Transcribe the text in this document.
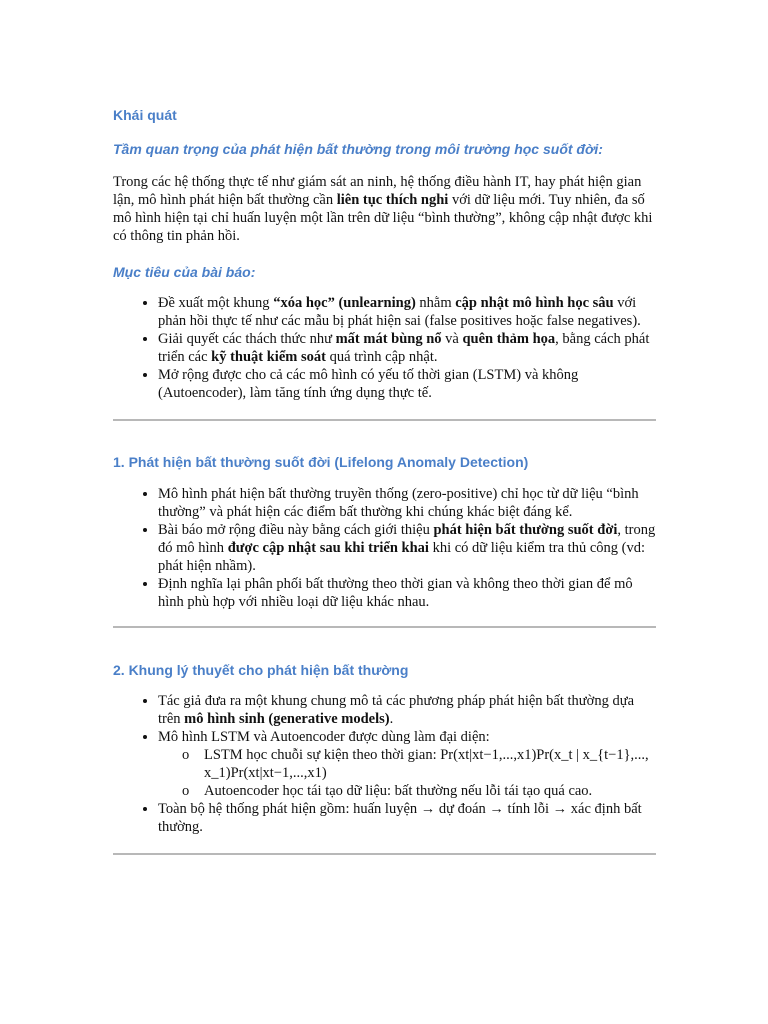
Khái quát
Tầm quan trọng của phát hiện bất thường trong môi trường học suốt đời:

Trong các hệ thống thực tế như giám sát an ninh, hệ thống điều hành IT, hay phát hiện gian lận, mô hình phát hiện bất thường cần liên tục thích nghi với dữ liệu mới. Tuy nhiên, đa số mô hình hiện tại chỉ huấn luyện một lần trên dữ liệu “bình thường”, không cập nhật được khi có thông tin phản hồi.

Mục tiêu của bài báo:
• Đề xuất một khung “xóa học” (unlearning) nhằm cập nhật mô hình học sâu với phản hồi thực tế như các mẫu bị phát hiện sai (false positives hoặc false negatives).
• Giải quyết các thách thức như mất mát bùng nổ và quên thảm họa, bằng cách phát triển các kỹ thuật kiểm soát quá trình cập nhật.
• Mở rộng được cho cả các mô hình có yếu tố thời gian (LSTM) và không (Autoencoder), làm tăng tính ứng dụng thực tế.
1. Phát hiện bất thường suốt đời (Lifelong Anomaly Detection)
• Mô hình phát hiện bất thường truyền thống (zero-positive) chỉ học từ dữ liệu “bình thường” và phát hiện các điểm bất thường khi chúng khác biệt đáng kể.
• Bài báo mở rộng điều này bằng cách giới thiệu phát hiện bất thường suốt đời, trong đó mô hình được cập nhật sau khi triển khai khi có dữ liệu kiểm tra thủ công (vd: phát hiện nhầm).
• Định nghĩa lại phân phối bất thường theo thời gian và không theo thời gian để mô hình phù hợp với nhiều loại dữ liệu khác nhau.
2. Khung lý thuyết cho phát hiện bất thường
• Tác giả đưa ra một khung chung mô tả các phương pháp phát hiện bất thường dựa trên mô hình sinh (generative models).
• Mô hình LSTM và Autoencoder được dùng làm đại diện:
o LSTM học chuỗi sự kiện theo thời gian: Pr(xt|xt−1,...,x1)Pr(x_t | x_{t−1},..., x_1)Pr(xt|xt−1,...,x1)
o Autoencoder học tái tạo dữ liệu: bất thường nếu lỗi tái tạo quá cao.
• Toàn bộ hệ thống phát hiện gồm: huấn luyện → dự đoán → tính lỗi → xác định bất thường.
